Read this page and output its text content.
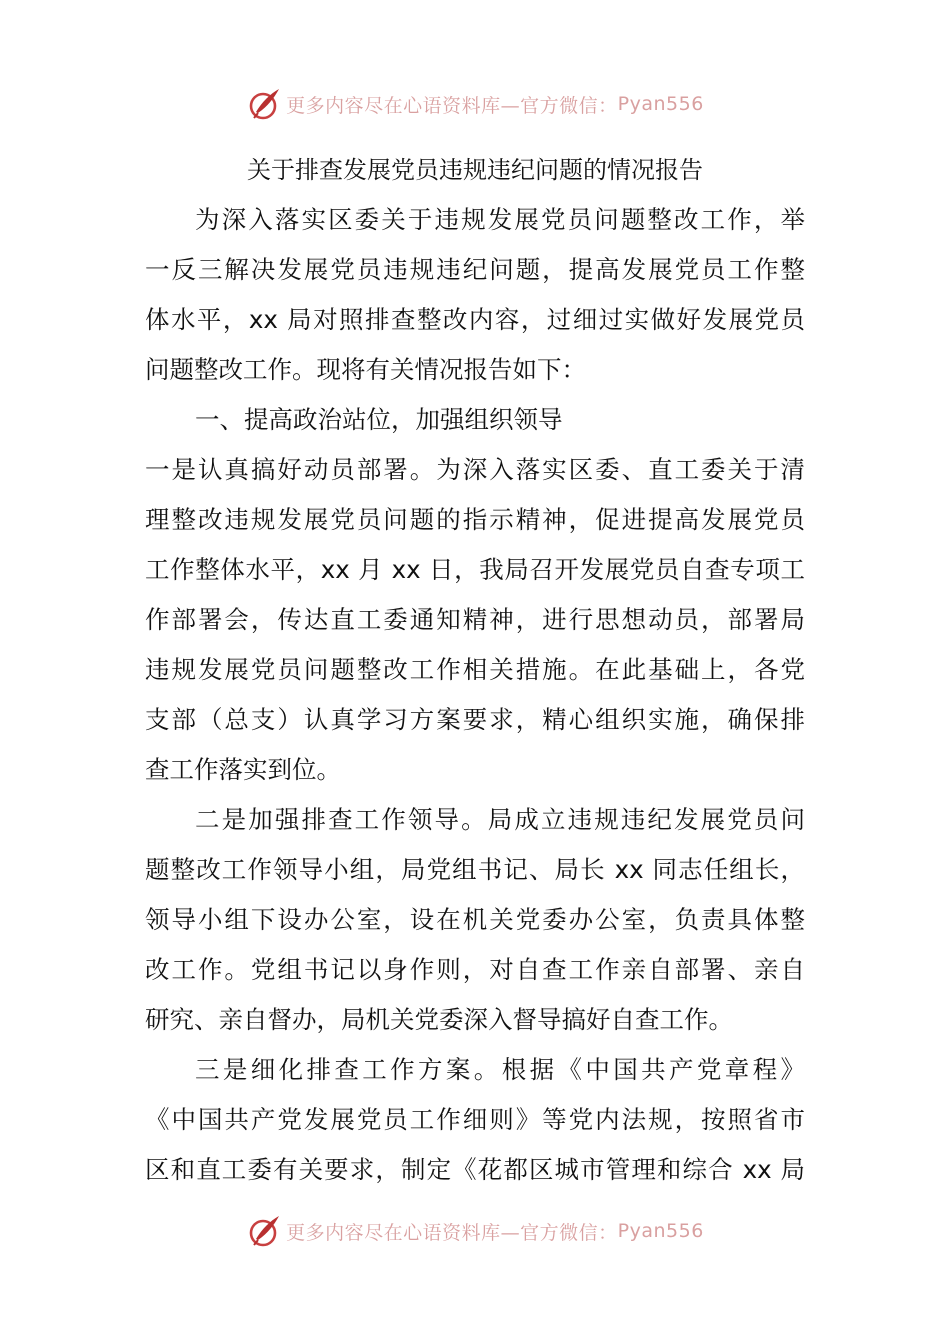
更多内容尽在心语资料库—官方微信： Pyan556
关于排查发展党员违规违纪问题的情况报告
为深入落实区委关于违规发展党员问题整改工作，举
一反三解决发展党员违规违纪问题，提高发展党员工作整
体水平，xx 局对照排查整改内容，过细过实做好发展党员
问题整改工作。现将有关情况报告如下：
一、提高政治站位，加强组织领导
一是认真搞好动员部署。为深入落实区委、直工委关于清
理整改违规发展党员问题的指示精神，促进提高发展党员
工作整体水平，xx 月 xx 日，我局召开发展党员自查专项工
作部署会，传达直工委通知精神，进行思想动员，部署局
违规发展党员问题整改工作相关措施。在此基础上，各党
支部（总支）认真学习方案要求，精心组织实施，确保排
查工作落实到位。
二是加强排查工作领导。局成立违规违纪发展党员问
题整改工作领导小组，局党组书记、局长 xx 同志任组长，
领导小组下设办公室，设在机关党委办公室，负责具体整
改工作。党组书记以身作则，对自查工作亲自部署、亲自
研究、亲自督办，局机关党委深入督导搞好自查工作。
三是细化排查工作方案。根据《中国共产党章程》
《中国共产党发展党员工作细则》等党内法规，按照省市
区和直工委有关要求，制定《花都区城市管理和综合 xx 局
更多内容尽在心语资料库—官方微信： Pyan556
